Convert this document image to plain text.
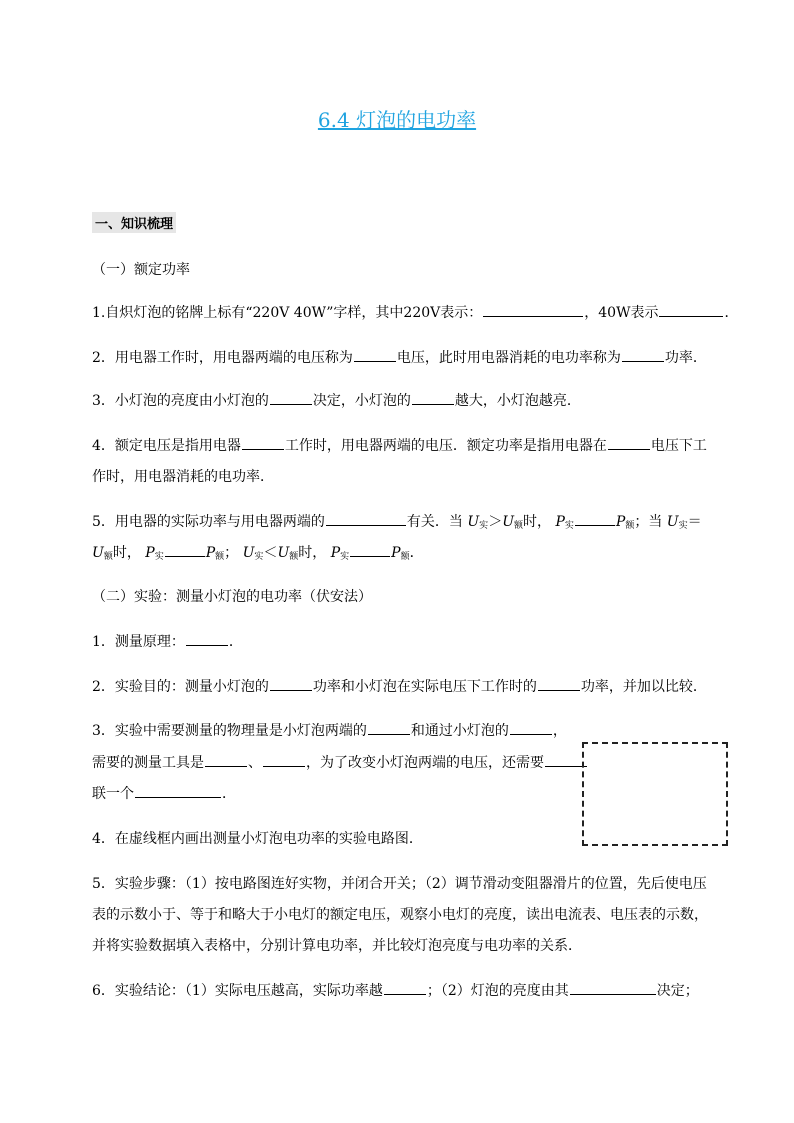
6.4 灯泡的电功率
一、知识梳理
（一）额定功率
1.自炽灯泡的铭牌上标有“220V 40W”字样，其中220V表示：	，40W表示	．
2．用电器工作时，用电器两端的电压称为	电压，此时用电器消耗的电功率称为	功率．
3．小灯泡的亮度由小灯泡的	决定，小灯泡的	越大，小灯泡越亮．
4．额定电压是指用电器	工作时，用电器两端的电压．额定功率是指用电器在	电压下工
作时，用电器消耗的电功率．
5．用电器的实际功率与用电器两端的	有关．当 $U_实>U_额$时， $P_实$	$P_额$；当 $U_实=$
$U_额$时， $P_实$	$P_额$； $U_实<U_额$时， $P_实$	$P_额$．
（二）实验：测量小灯泡的电功率（伏安法）
1．测量原理：	．
2．实验目的：测量小灯泡的	功率和小灯泡在实际电压下工作时的	功率，并加以比较．
3．实验中需要测量的物理量是小灯泡两端的	和通过小灯泡的	，
需要的测量工具是	、	，为了改变小灯泡两端的电压，还需要
联一个	．
4．在虚线框内画出测量小灯泡电功率的实验电路图．
5．实验步骤：（1）按电路图连好实物，并闭合开关；（2）调节滑动变阻器滑片的位置，先后使电压
表的示数小于、等于和略大于小电灯的额定电压，观察小电灯的亮度，读出电流表、电压表的示数，
并将实验数据填入表格中，分别计算电功率，并比较灯泡亮度与电功率的关系．
6．实验结论：（1）实际电压越高，实际功率越	；（2）灯泡的亮度由其	决定；
